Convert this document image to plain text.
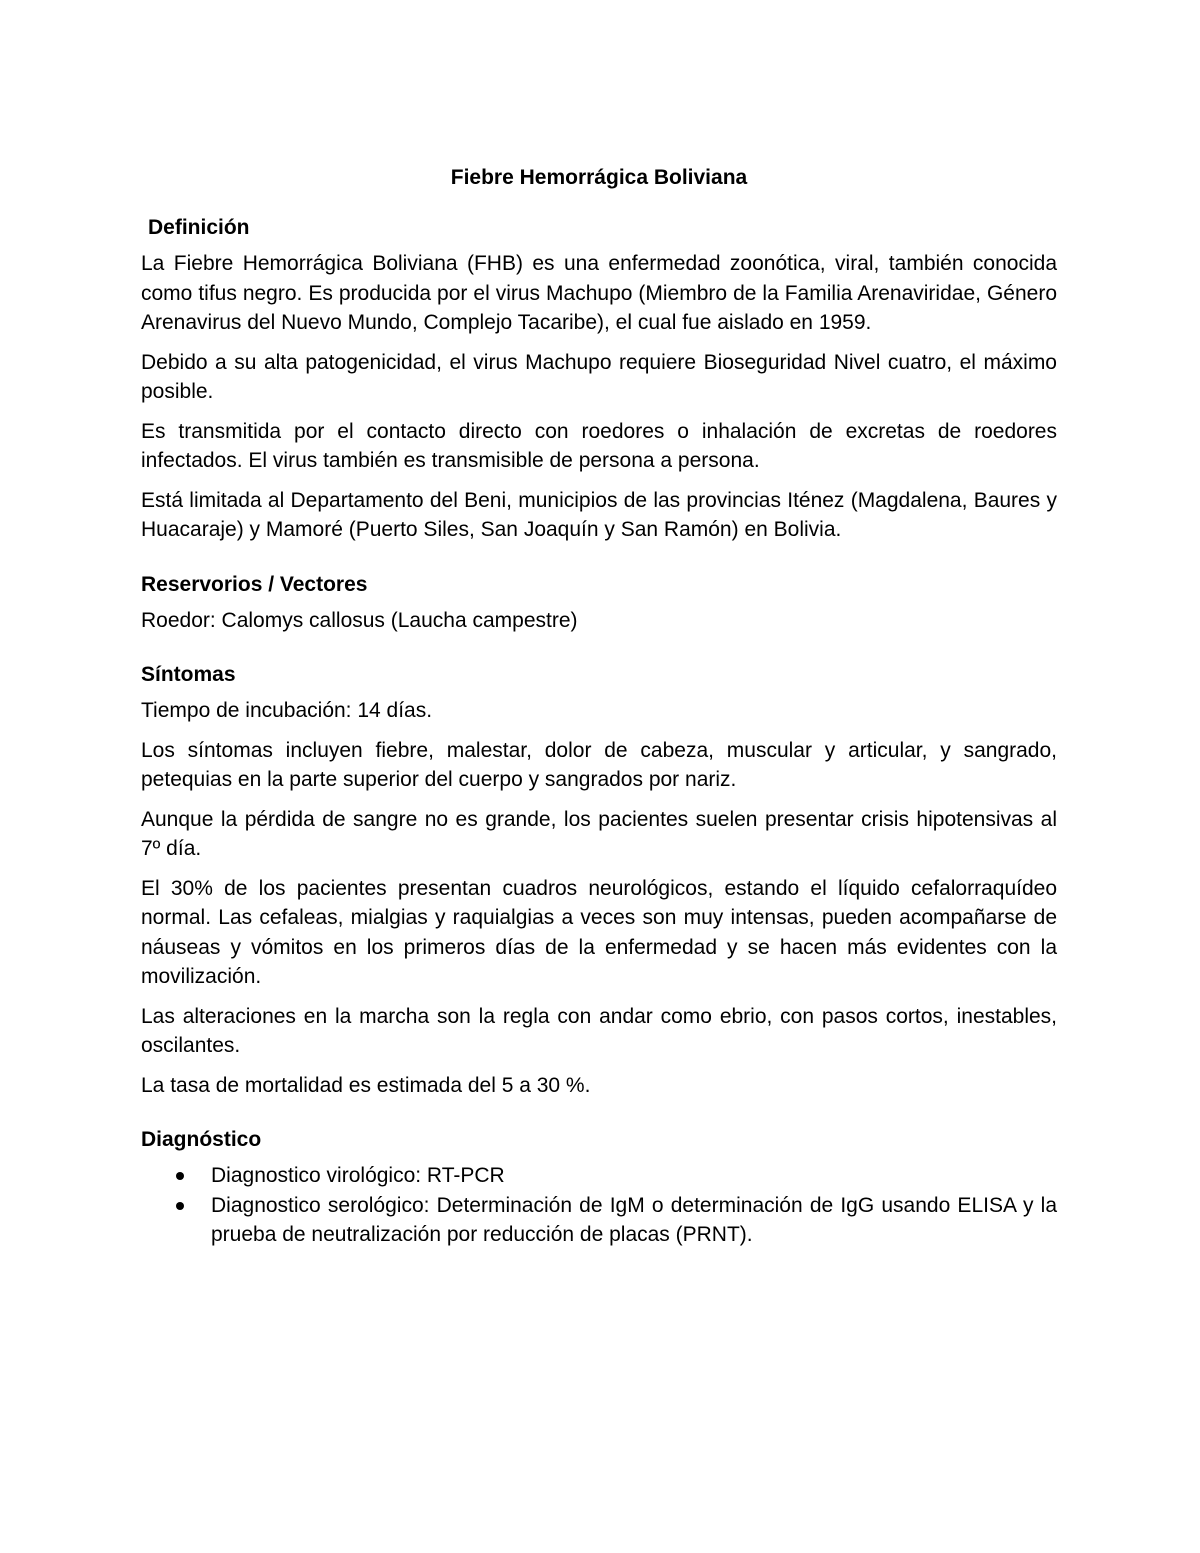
Fiebre Hemorrágica Boliviana
Definición

La Fiebre Hemorrágica Boliviana (FHB) es una enfermedad zoonótica, viral, también conocida como tifus negro. Es producida por el virus Machupo (Miembro de la Familia Arenaviridae, Género Arenavirus del Nuevo Mundo, Complejo Tacaribe), el cual fue aislado en 1959.

Debido a su alta patogenicidad, el virus Machupo requiere Bioseguridad Nivel cuatro, el máximo posible.

Es transmitida por el contacto directo con roedores o inhalación de excretas de roedores infectados. El virus también es transmisible de persona a persona.

Está limitada al Departamento del Beni, municipios de las provincias Iténez (Magdalena, Baures y Huacaraje) y Mamoré (Puerto Siles, San Joaquín y San Ramón) en Bolivia.

Reservorios / Vectores

Roedor: Calomys callosus (Laucha campestre)

Síntomas

Tiempo de incubación: 14 días.

Los síntomas incluyen fiebre, malestar, dolor de cabeza, muscular y articular, y sangrado, petequias en la parte superior del cuerpo y sangrados por nariz.

Aunque la pérdida de sangre no es grande, los pacientes suelen presentar crisis hipotensivas al 7º día.

El 30% de los pacientes presentan cuadros neurológicos, estando el líquido cefalorraquídeo normal. Las cefaleas, mialgias y raquialgias a veces son muy intensas, pueden acompañarse de náuseas y vómitos en los primeros días de la enfermedad y se hacen más evidentes con la movilización.

Las alteraciones en la marcha son la regla con andar como ebrio, con pasos cortos, inestables, oscilantes.

La tasa de mortalidad es estimada del 5 a 30 %.

Diagnóstico
Diagnostico virológico: RT-PCR
Diagnostico serológico: Determinación de IgM o determinación de IgG usando ELISA y la prueba de neutralización por reducción de placas (PRNT).
